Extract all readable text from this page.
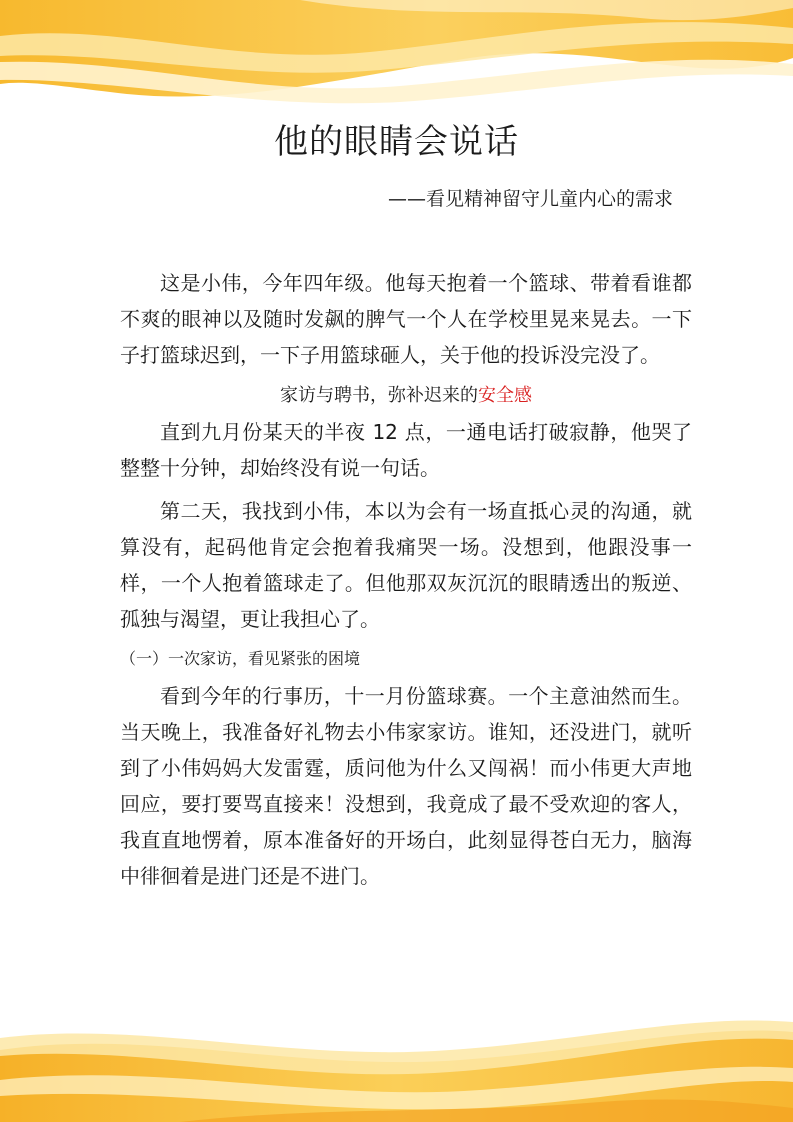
他的眼睛会说话

——看见精神留守儿童内心的需求

这是小伟，今年四年级。他每天抱着一个篮球、带着看谁都不爽的眼神以及随时发飙的脾气一个人在学校里晃来晃去。一下子打篮球迟到，一下子用篮球砸人，关于他的投诉没完没了。

家访与聘书，弥补迟来的安全感

直到九月份某天的半夜 12 点，一通电话打破寂静，他哭了整整十分钟，却始终没有说一句话。

第二天，我找到小伟，本以为会有一场直抵心灵的沟通，就算没有，起码他肯定会抱着我痛哭一场。没想到，他跟没事一样，一个人抱着篮球走了。但他那双灰沉沉的眼睛透出的叛逆、孤独与渴望，更让我担心了。

（一）一次家访，看见紧张的困境

看到今年的行事历，十一月份篮球赛。一个主意油然而生。当天晚上，我准备好礼物去小伟家家访。谁知，还没进门，就听到了小伟妈妈大发雷霆，质问他为什么又闯祸！而小伟更大声地回应，要打要骂直接来！没想到，我竟成了最不受欢迎的客人，我直直地愣着，原本准备好的开场白，此刻显得苍白无力，脑海中徘徊着是进门还是不进门。
